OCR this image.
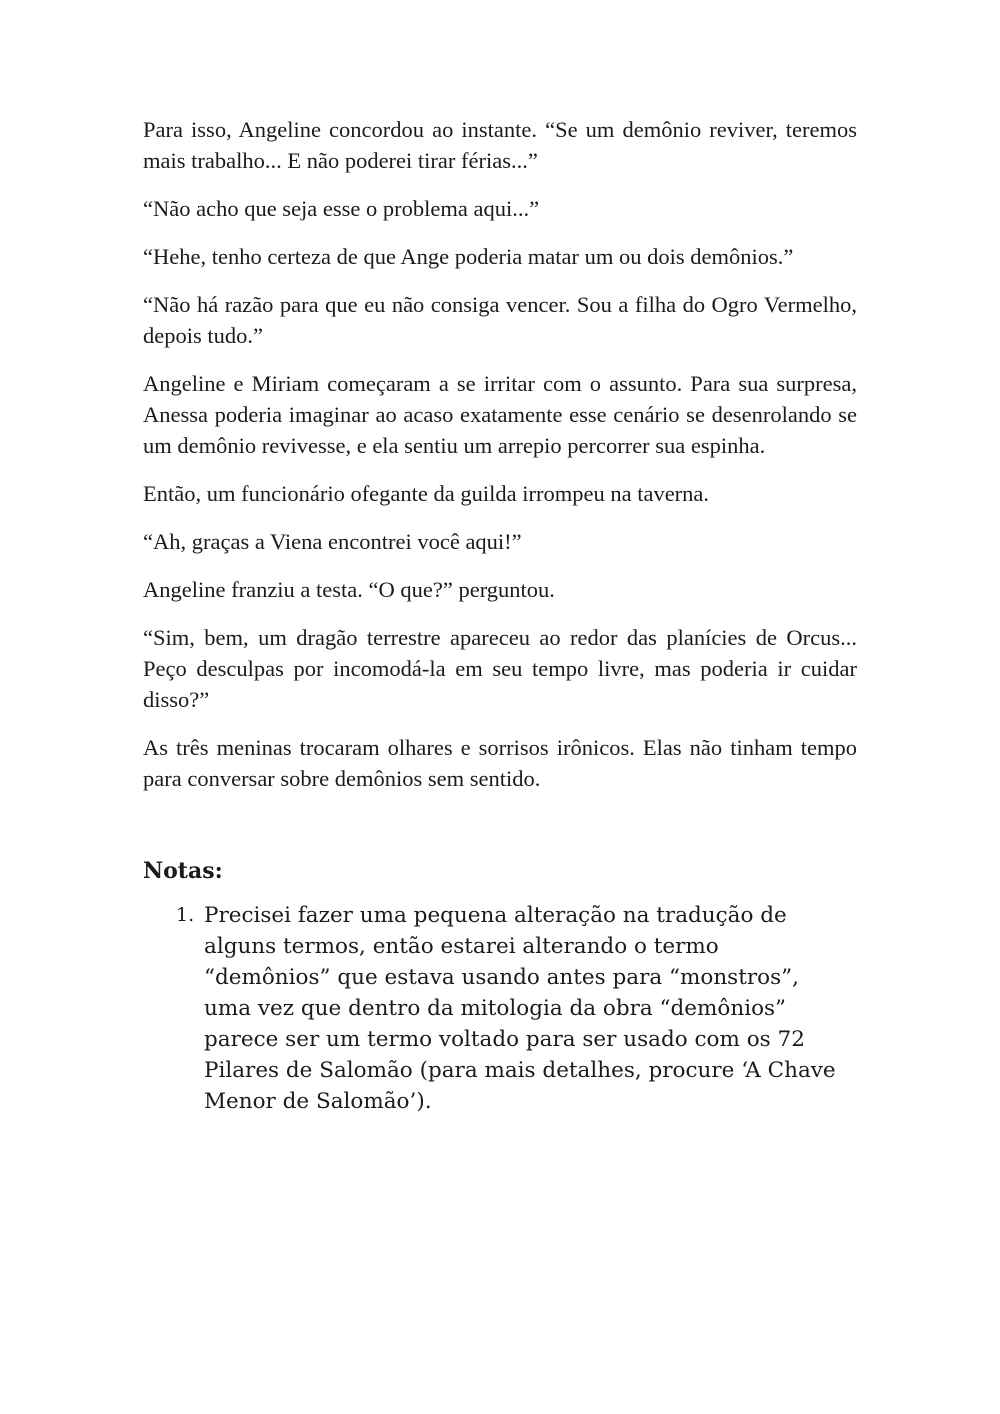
Para isso, Angeline concordou ao instante. “Se um demônio reviver, teremos mais trabalho... E não poderei tirar férias...”

“Não acho que seja esse o problema aqui...”

“Hehe, tenho certeza de que Ange poderia matar um ou dois demônios.”

“Não há razão para que eu não consiga vencer. Sou a filha do Ogro Vermelho, depois tudo.”

Angeline e Miriam começaram a se irritar com o assunto. Para sua surpresa, Anessa poderia imaginar ao acaso exatamente esse cenário se desenrolando se um demônio revivesse, e ela sentiu um arrepio percorrer sua espinha.

Então, um funcionário ofegante da guilda irrompeu na taverna.

“Ah, graças a Viena encontrei você aqui!”

Angeline franziu a testa. “O que?” perguntou.

“Sim, bem, um dragão terrestre apareceu ao redor das planícies de Orcus... Peço desculpas por incomodá-la em seu tempo livre, mas poderia ir cuidar disso?”

As três meninas trocaram olhares e sorrisos irônicos. Elas não tinham tempo para conversar sobre demônios sem sentido.

Notas:
1. Precisei fazer uma pequena alteração na tradução de alguns termos, então estarei alterando o termo “demônios” que estava usando antes para “monstros”, uma vez que dentro da mitologia da obra “demônios” parece ser um termo voltado para ser usado com os 72 Pilares de Salomão (para mais detalhes, procure ‘A Chave Menor de Salomão’).
